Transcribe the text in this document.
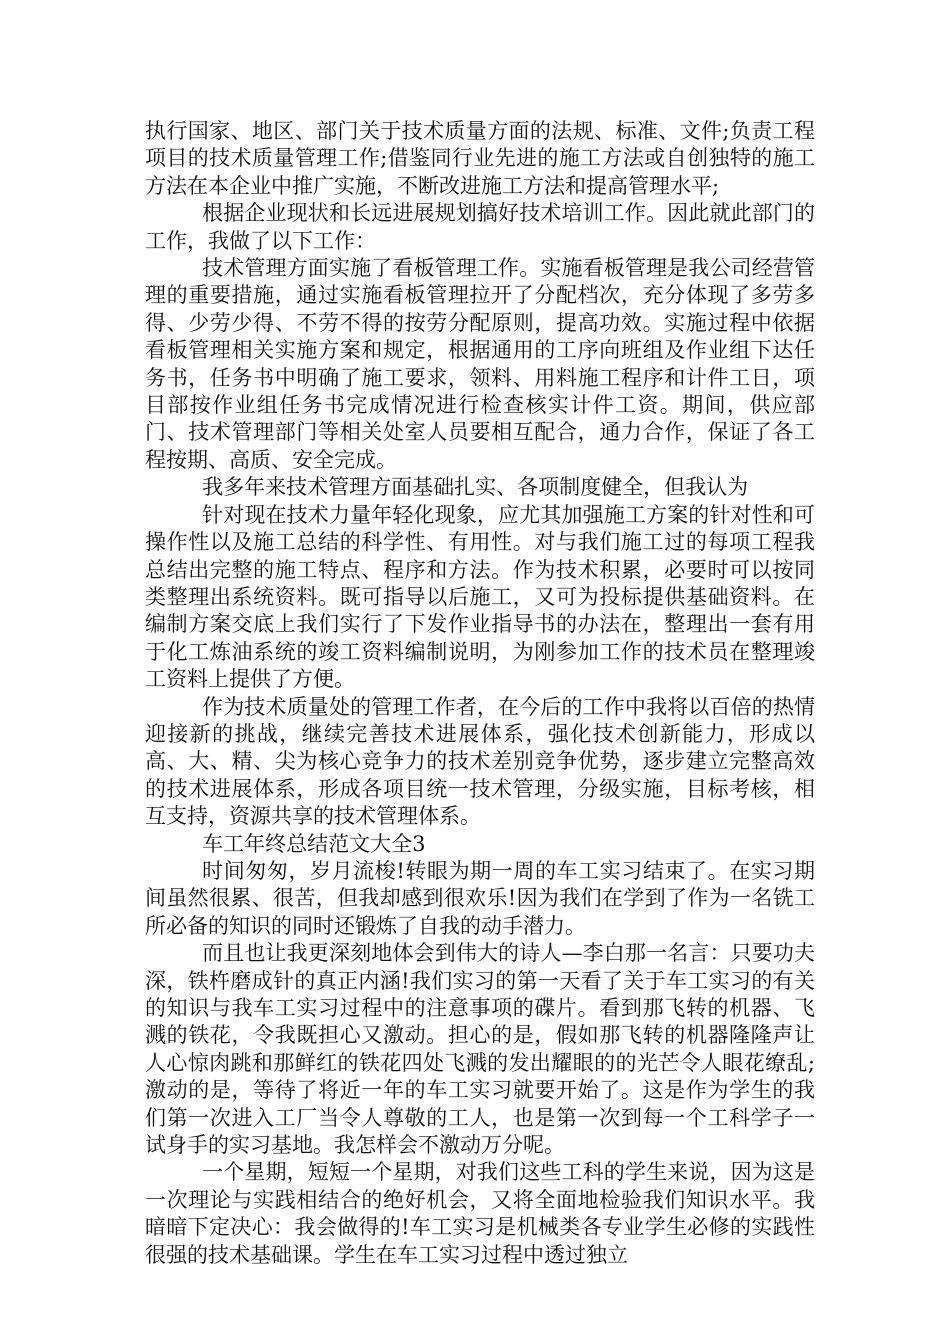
执行国家、地区、部门关于技术质量方面的法规、标准、文件;负责工程项目的技术质量管理工作;借鉴同行业先进的施工方法或自创独特的施工方法在本企业中推广实施，不断改进施工方法和提高管理水平;

根据企业现状和长远进展规划搞好技术培训工作。因此就此部门的工作，我做了以下工作：

技术管理方面实施了看板管理工作。实施看板管理是我公司经营管理的重要措施，通过实施看板管理拉开了分配档次，充分体现了多劳多得、少劳少得、不劳不得的按劳分配原则，提高功效。实施过程中依据看板管理相关实施方案和规定，根据通用的工序向班组及作业组下达任务书，任务书中明确了施工要求，领料、用料施工程序和计件工日，项目部按作业组任务书完成情况进行检查核实计件工资。期间，供应部门、技术管理部门等相关处室人员要相互配合，通力合作，保证了各工程按期、高质、安全完成。

我多年来技术管理方面基础扎实、各项制度健全，但我认为

针对现在技术力量年轻化现象，应尤其加强施工方案的针对性和可操作性以及施工总结的科学性、有用性。对与我们施工过的每项工程我总结出完整的施工特点、程序和方法。作为技术积累，必要时可以按同类整理出系统资料。既可指导以后施工，又可为投标提供基础资料。在编制方案交底上我们实行了下发作业指导书的办法在，整理出一套有用于化工炼油系统的竣工资料编制说明，为刚参加工作的技术员在整理竣工资料上提供了方便。

作为技术质量处的管理工作者，在今后的工作中我将以百倍的热情迎接新的挑战，继续完善技术进展体系，强化技术创新能力，形成以高、大、精、尖为核心竞争力的技术差别竞争优势，逐步建立完整高效的技术进展体系，形成各项目统一技术管理，分级实施，目标考核，相互支持，资源共享的技术管理体系。

车工年终总结范文大全3

时间匆匆，岁月流梭!转眼为期一周的车工实习结束了。在实习期间虽然很累、很苦，但我却感到很欢乐!因为我们在学到了作为一名铣工所必备的知识的同时还锻炼了自我的动手潜力。

而且也让我更深刻地体会到伟大的诗人—李白那一名言：只要功夫深，铁杵磨成针的真正内涵!我们实习的第一天看了关于车工实习的有关的知识与我车工实习过程中的注意事项的碟片。看到那飞转的机器、飞溅的铁花，令我既担心又激动。担心的是，假如那飞转的机器隆隆声让人心惊肉跳和那鲜红的铁花四处飞溅的发出耀眼的的光芒令人眼花缭乱;激动的是，等待了将近一年的车工实习就要开始了。这是作为学生的我们第一次进入工厂当令人尊敬的工人，也是第一次到每一个工科学子一试身手的实习基地。我怎样会不激动万分呢。

一个星期，短短一个星期，对我们这些工科的学生来说，因为这是一次理论与实践相结合的绝好机会，又将全面地检验我们知识水平。我暗暗下定决心：我会做得的!车工实习是机械类各专业学生必修的实践性很强的技术基础课。学生在车工实习过程中透过独立
